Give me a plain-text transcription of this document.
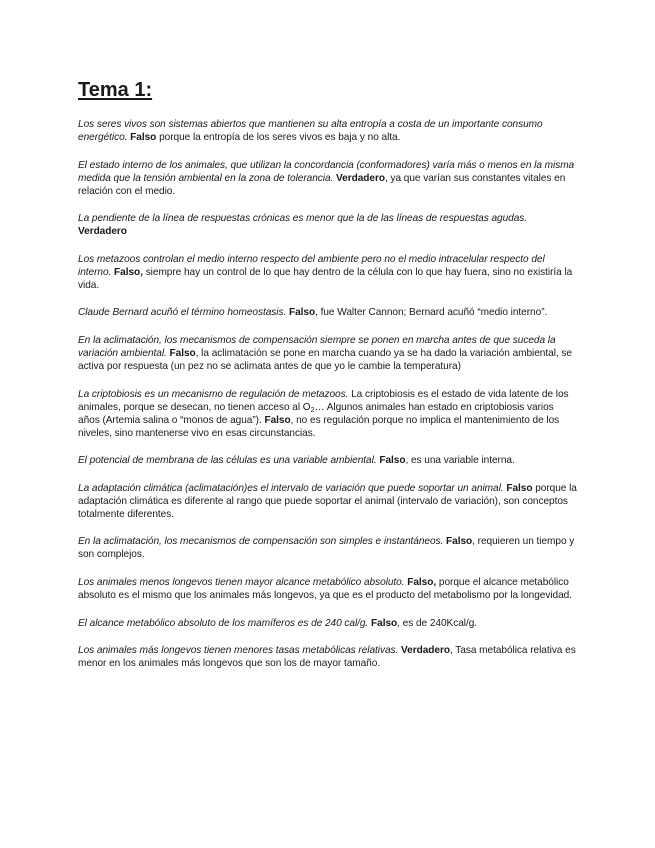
Tema 1:

Los seres vivos son sistemas abiertos que mantienen su alta entropía a costa de un importante consumo energético. Falso porque la entropía de los seres vivos es baja y no alta.

El estado interno de los animales, que utilizan la concordancia (conformadores) varía más o menos en la misma medida que la tensión ambiental en la zona de tolerancia. Verdadero, ya que varían sus constantes vitales en relación con el medio.

La pendiente de la línea de respuestas crónicas es menor que la de las líneas de respuestas agudas.
Verdadero

Los metazoos controlan el medio interno respecto del ambiente pero no el medio intracelular respecto del interno. Falso, siempre hay un control de lo que hay dentro de la célula con lo que hay fuera, sino no existiría la vida.

Claude Bernard acuñó el término homeostasis. Falso, fue Walter Cannon; Bernard acuñó “medio interno”.

En la aclimatación, los mecanismos de compensación siempre se ponen en marcha antes de que suceda la variación ambiental. Falso, la aclimatación se pone en marcha cuando ya se ha dado la variación ambiental, se activa por respuesta (un pez no se aclimata antes de que yo le cambie la temperatura)

La criptobiosis es un mecanismo de regulación de metazoos. La criptobiosis es el estado de vida latente de los animales, porque se desecan, no tienen acceso al $O_2\dots$ Algunos animales han estado en criptobiosis varios años (Artemia salina o “monos de agua”). Falso, no es regulación porque no implica el mantenimiento de los niveles, sino mantenerse vivo en esas circunstancias.

El potencial de membrana de las células es una variable ambiental. Falso, es una variable interna.

La adaptación climática (aclimatación)es el intervalo de variación que puede soportar un animal. Falso porque la adaptación climática es diferente al rango que puede soportar el animal (intervalo de variación), son conceptos totalmente diferentes.

En la aclimatación, los mecanismos de compensación son simples e instantáneos. Falso, requieren un tiempo y son complejos.

Los animales menos longevos tienen mayor alcance metabólico absoluto. Falso, porque el alcance metabólico absoluto es el mismo que los animales más longevos, ya que es el producto del metabolismo por la longevidad.

El alcance metabólico absoluto de los mamíferos es de 240 cal/g. Falso, es de 240Kcal/g.

Los animales más longevos tienen menores tasas metabólicas relativas. Verdadero, Tasa metabólica relativa es menor en los animales más longevos que son los de mayor tamaño.
